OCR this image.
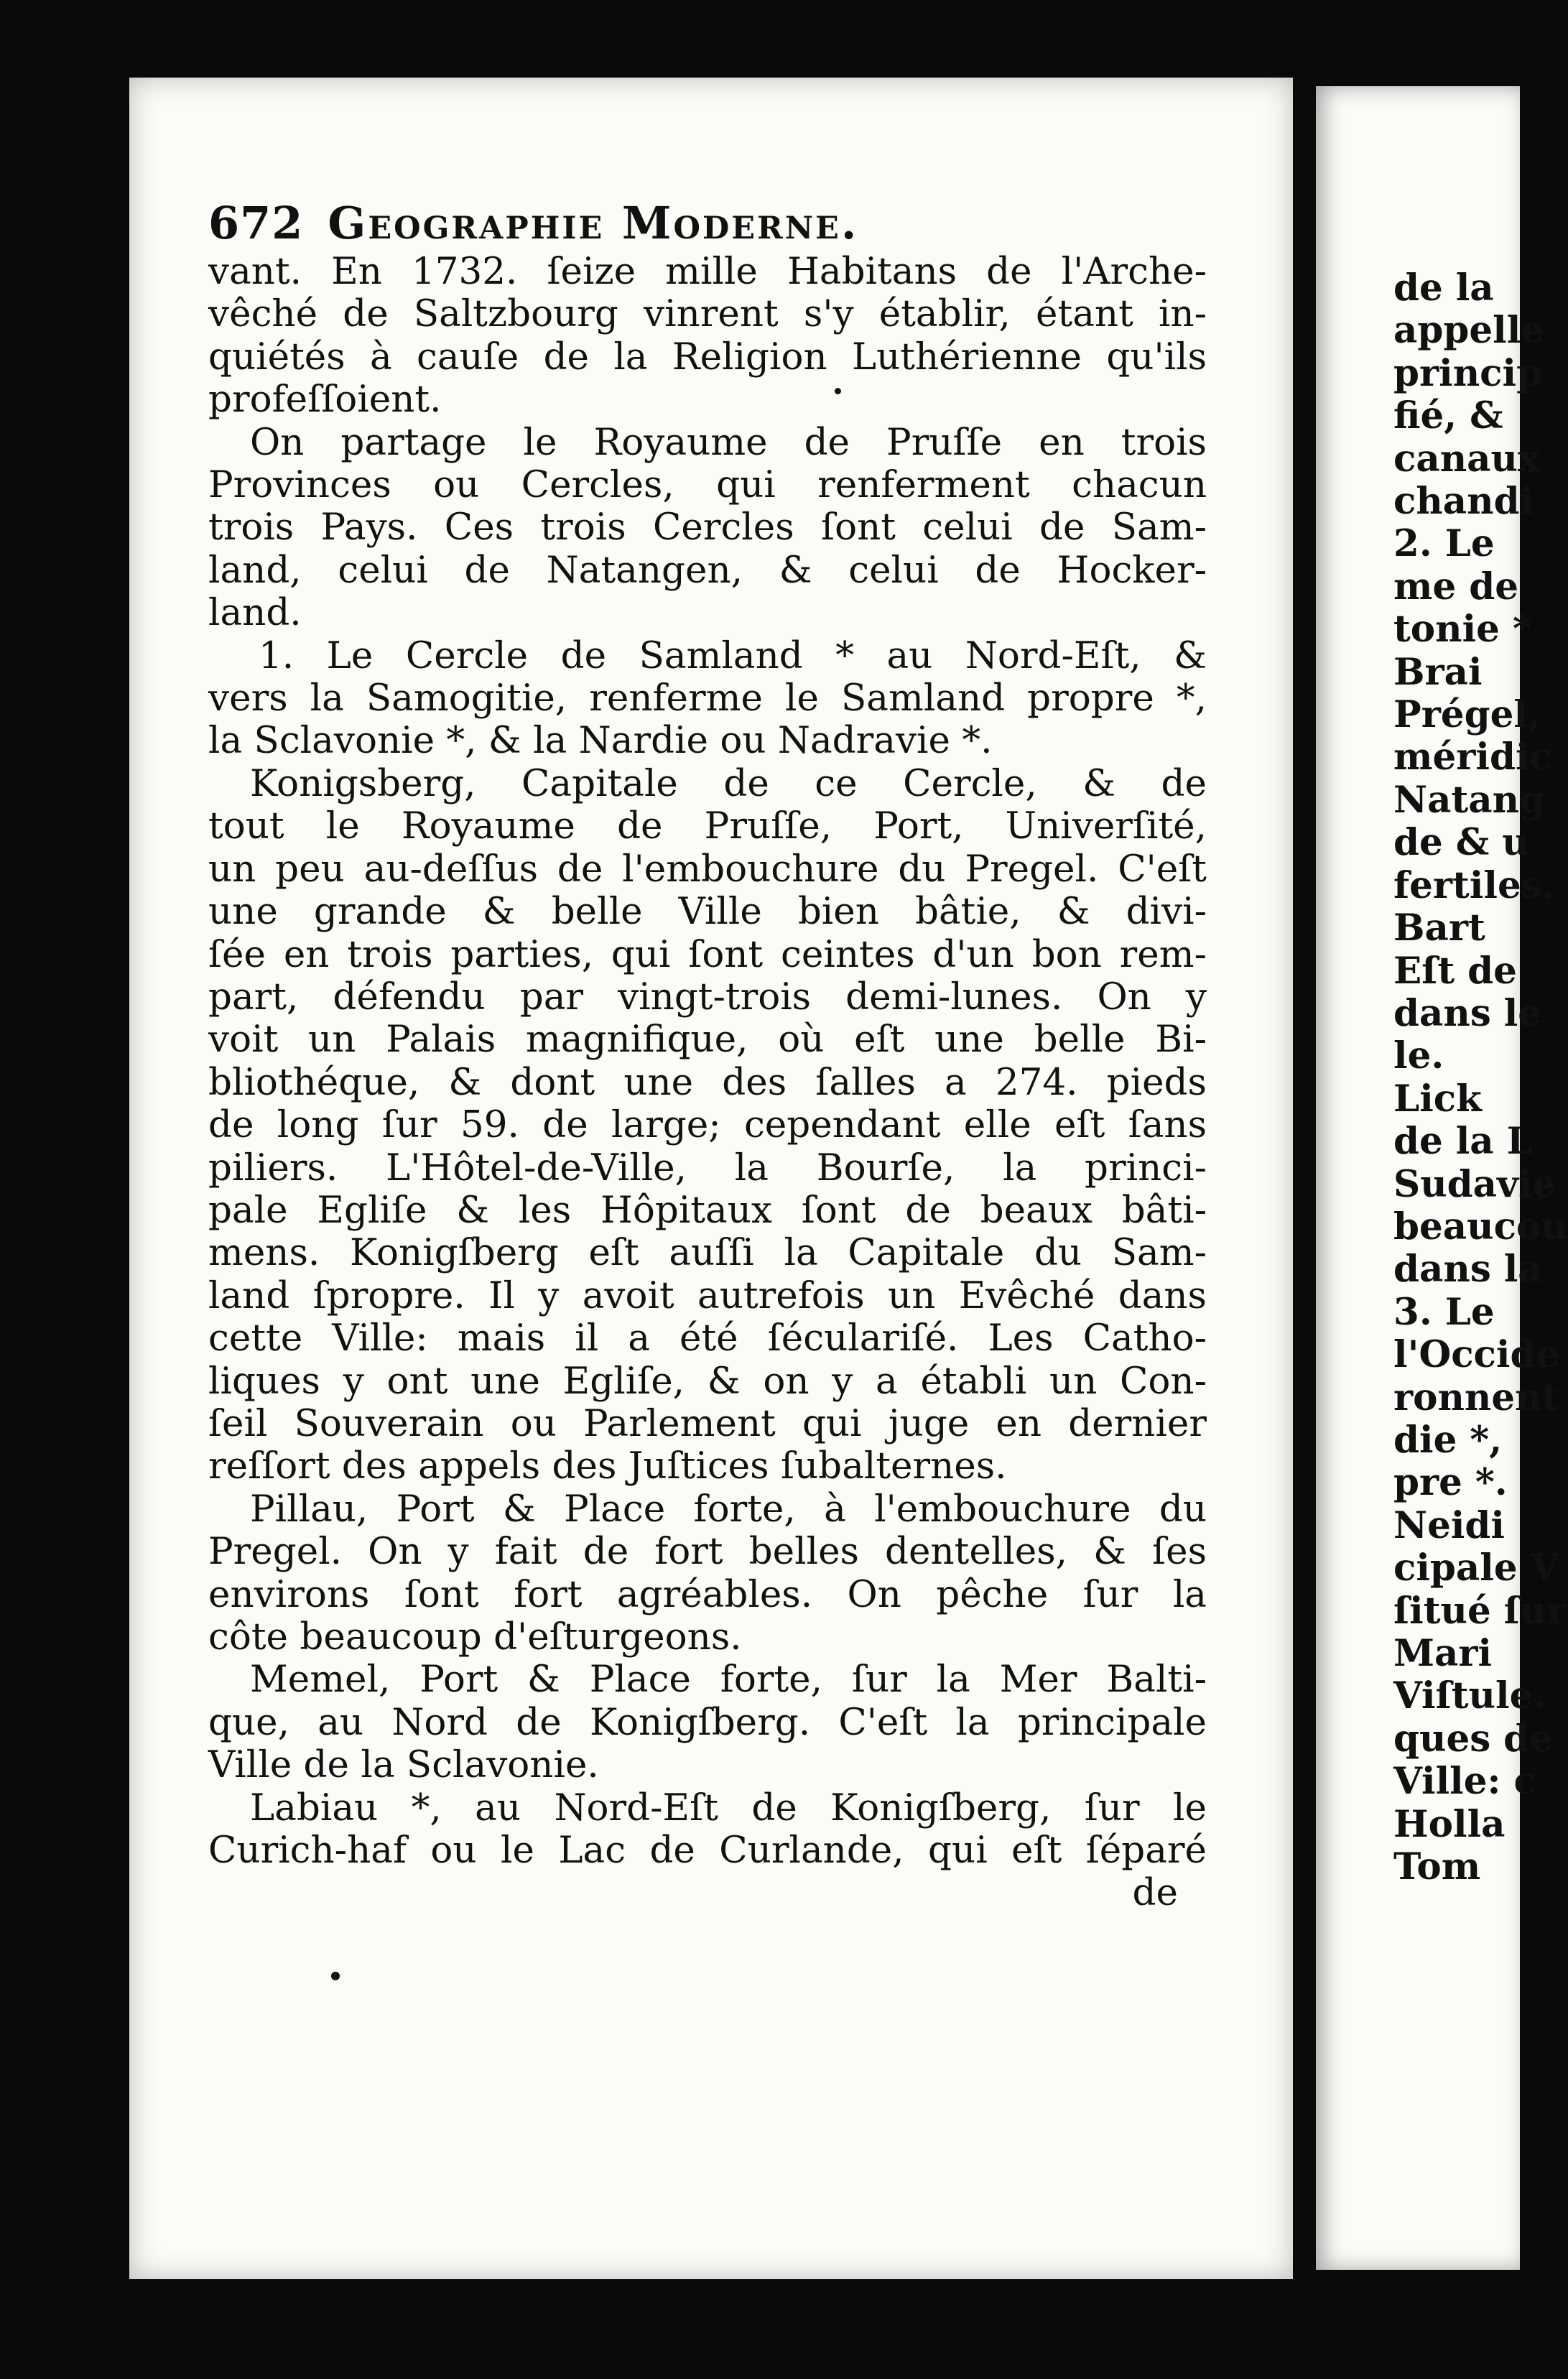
672 Geographie Moderne.
vant. En 1732. ſeize mille Habitans de l'Arche-
vêché de Saltzbourg vinrent s'y établir, étant in-
quiétés à cauſe de la Religion Luthérienne qu'ils
profeſſoient.
On partage le Royaume de Pruſſe en trois
Provinces ou Cercles, qui renferment chacun
trois Pays. Ces trois Cercles ſont celui de Sam-
land, celui de Natangen, & celui de Hocker-
land.
1. Le Cercle de Samland * au Nord-Eſt, &
vers la Samogitie, renferme le Samland propre *,
la Sclavonie *, & la Nardie ou Nadravie *.
Konigsberg, Capitale de ce Cercle, & de
tout le Royaume de Pruſſe, Port, Univerſité,
un peu au-deſſus de l'embouchure du Pregel. C'eſt
une grande & belle Ville bien bâtie, & divi-
ſée en trois parties, qui ſont ceintes d'un bon rem-
part, défendu par vingt-trois demi-lunes. On y
voit un Palais magnifique, où eſt une belle Bi-
bliothéque, & dont une des ſalles a 274. pieds
de long ſur 59. de large; cependant elle eſt ſans
piliers. L'Hôtel-de-Ville, la Bourſe, la princi-
pale Egliſe & les Hôpitaux ſont de beaux bâti-
mens. Konigſberg eſt auſſi la Capitale du Sam-
land ſpropre. Il y avoit autrefois un Evêché dans
cette Ville: mais il a été ſéculariſé. Les Catho-
liques y ont une Egliſe, & on y a établi un Con-
ſeil Souverain ou Parlement qui juge en dernier
reſſort des appels des Juſtices ſubalternes.
Pillau, Port & Place forte, à l'embouchure du
Pregel. On y fait de fort belles dentelles, & ſes
environs ſont fort agréables. On pêche ſur la
côte beaucoup d'eſturgeons.
Memel, Port & Place forte, ſur la Mer Balti-
que, au Nord de Konigſberg. C'eſt la principale
Ville de la Sclavonie.
Labiau *, au Nord-Eſt de Konigſberg, ſur le
Curich-haf ou le Lac de Curlande, qui eſt ſéparé
de
de la
appelle
princip
fié, &
canaux
chandi
2. Le
me de
tonie *
Brai
Prégel,
méridic
Natang
de & u
fertiles.
Bart
Eſt de
dans le
le.
Lick
de la L
Sudavie
beaucou
dans la
3. Le
l'Occide
ronnent
die *,
pre *.
Neidi
cipale V
ſitué ſur
Mari
Viſtule.
ques de
Ville: c
Holla
Tom
